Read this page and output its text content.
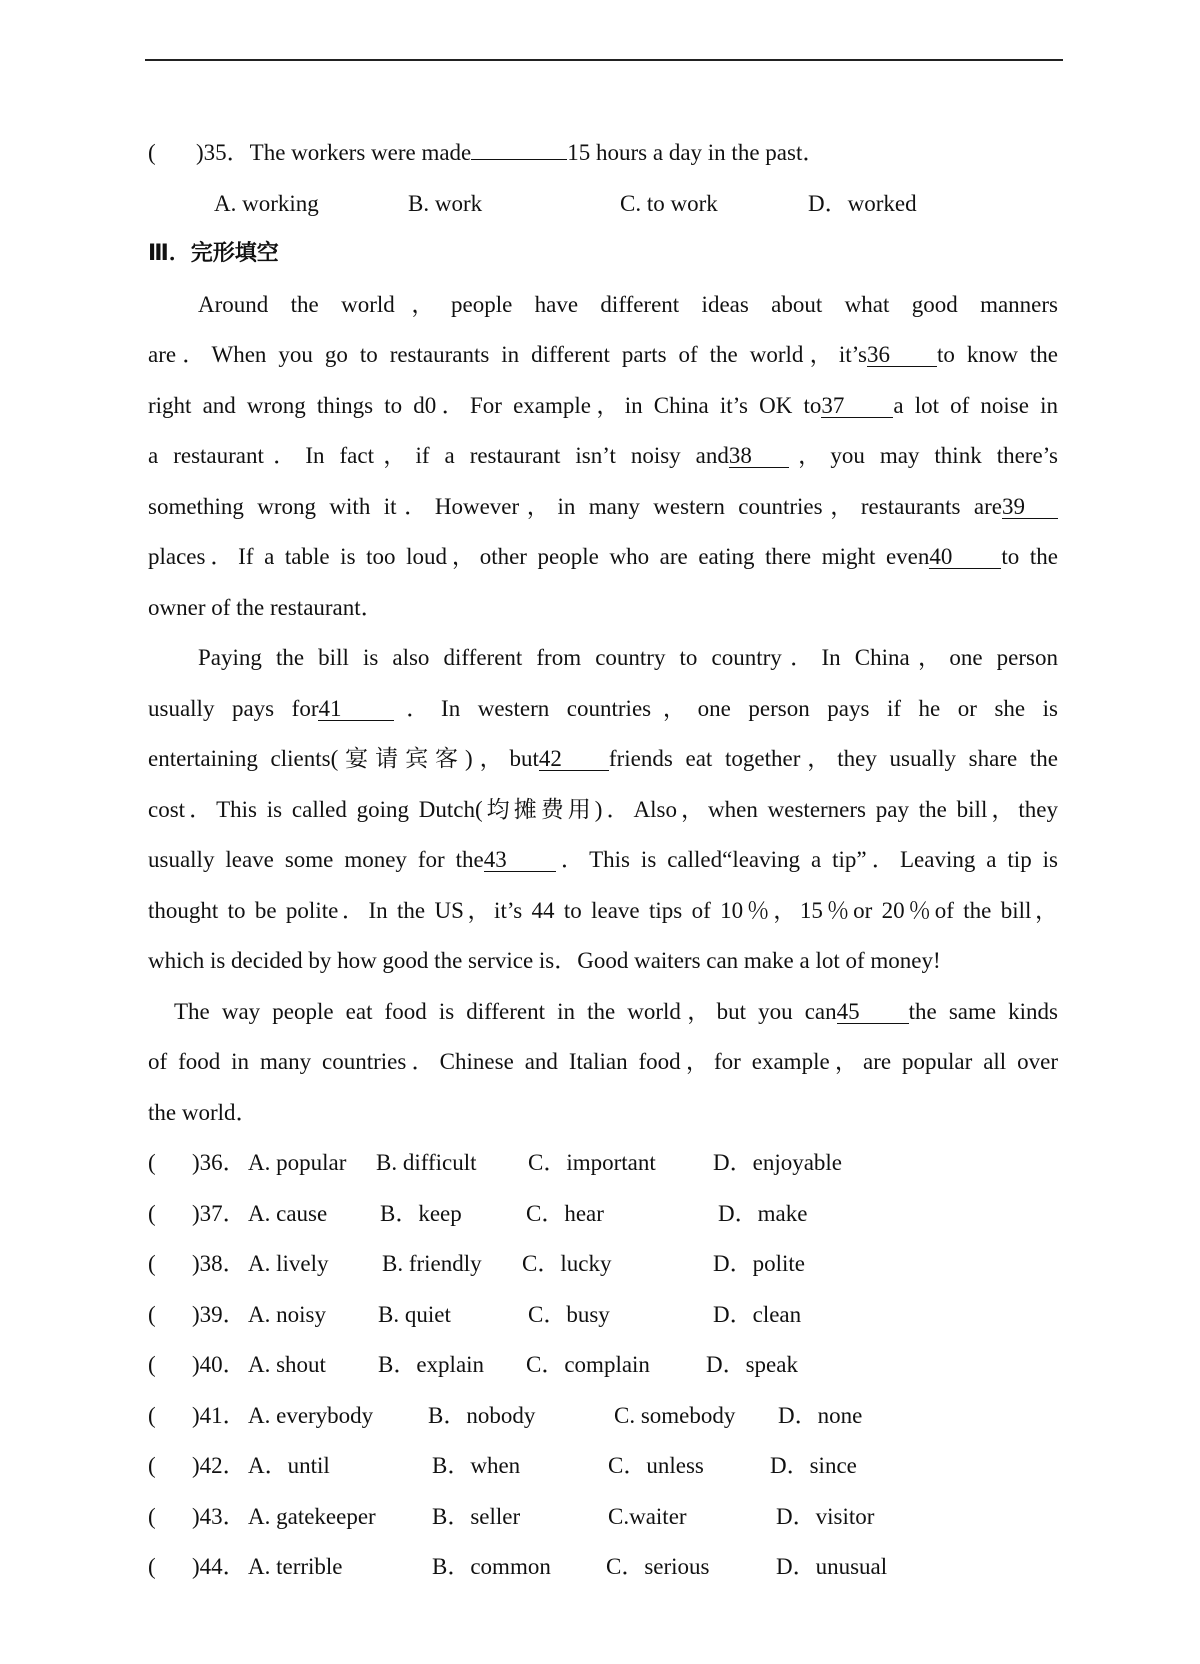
( )35．The workers were made	15 hours a day in the past．
A. working	B. work	C. to work	D．worked
Ⅲ．完形填空
Around the world，people have different ideas about what good manners
are．When you go to restaurants in different parts of the world，it’s36 to know the
right and wrong things to d0．For example，in China it’s OK to37 a lot of noise in
a restaurant．In fact，if a restaurant isn’t noisy and38 ，you may think there’s
something wrong with it．However，in many western countries，restaurants are39
places．If a table is too loud，other people who are eating there might even40 to the
owner of the restaurant．
Paying the bill is also different from country to country．In China，one person
usually pays for41 ．In western countries，one person pays if he or she is
entertaining clients(宴请宾客)，but42 friends eat together，they usually share the
cost．This is called going Dutch(均摊费用)．Also，when westerners pay the bill，they
usually leave some money for the43 ．This is called“leaving a tip”．Leaving a tip is
thought to be polite．In the US，it’s 44 to leave tips of 10％，15％or 20％of the bill，
which is decided by how good the service is．Good waiters can make a lot of money!
The way people eat food is different in the world，but you can45 the same kinds
of food in many countries．Chinese and Italian food，for example，are popular all over
the world．
( )36． A. popular B. difficult C．important D．enjoyable
( )37． A. cause B．keep	C．hear	D．make
( )38． A. lively B. friendly C．lucky	D．polite
( )39． A. noisy B. quiet	C．busy	D．clean
( )40． A. shout B．explain C．complain D．speak
( )41． A. everybody B．nobody	C. somebody D．none
( )42． A．until	B．when	C．unless	D．since
( )43． A. gatekeeper B．seller	C.waiter	D．visitor
( )44． A. terrible	B．common C．serious	D．unusual
